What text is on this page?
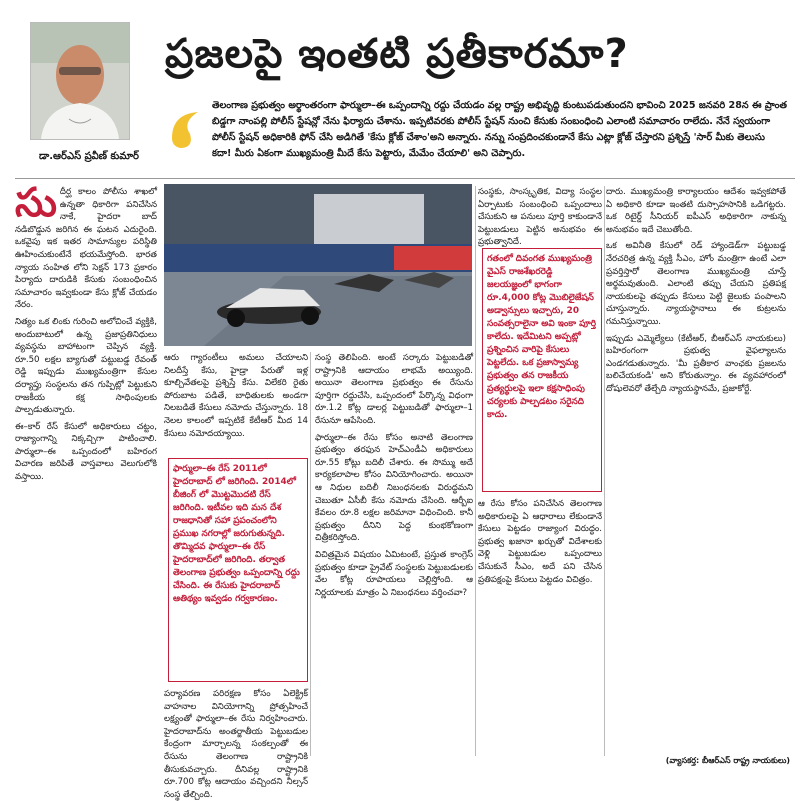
డా.ఆర్ఎస్ ప్రవీణ్ కుమార్
ప్రజలపై ఇంతటి ప్రతీకారమా?
తెలంగాణ ప్రభుత్వం అర్థాంతరంగా ఫార్ములా–ఈ ఒప్పందాన్ని రద్దు చేయడం వల్ల రాష్ట్ర అభివృద్ధి కుంటుపడుతుందని భావించి 2025 జనవరి 28న ఈ ప్రాంత బిడ్డగా నాంపల్లి పోలీస్ స్టేషన్లో నేను ఫిర్యాదు చేశాను. ఇప్పటివరకు పోలీస్ స్టేషన్ నుంచి కేసుకు సంబంధించి ఎలాంటి సమాచారం రాలేదు. నేనే స్వయంగా పోలీస్ స్టేషన్ అధికారికి ఫోన్ చేసి అడిగితే 'కేసు క్లోజ్ చేశాం'అని అన్నారు. నన్ను సంప్రదించకుండానే కేసు ఎట్లా క్లోజ్ చేస్తారని ప్రశ్నిస్తే 'సార్ మీకు తెలుసు కదా! మీరు ఏకంగా ముఖ్యమంత్రి మీదే కేసు పెట్టారు, మేమేం చేయాలి' అని చెప్పారు.

సుదీర్ఘ కాలం పోలీసు శాఖలో ఉన్నతా ధికారిగా పనిచేసిన నాకే, హైదరా బాద్ నడిబొడ్డున జరిగిన ఈ ఘటన ఎదురైంది. ఒకవైపు ఇక ఇతర సామాన్యుల పరిస్థితి ఊహించుకుంటేనే భయమేస్తోంది. భారత న్యాయ సంహిత లోని సెక్షన్ 173 ప్రకారం పిర్యాదు దారుడికి కేసుకు సంబంధించిన సమాచారం ఇవ్వకుండా కేసు క్లోజ్ చేయడం నేరం.

నిత్యం ఒక లింకు గురించి అలోచించే వ్యక్తికి, అందుబాటులో ఉన్న ప్రజాప్రతినిధులు వ్యవస్థను బాహాటంగా చెప్పిన వ్యక్తి. రూ.50 లక్షల బ్యాగుతో పట్టుబడ్డ రేవంత్ రెడ్డి ఇప్పుడు ముఖ్యమంత్రిగా కేసుల దర్యాప్తు సంస్థలను తన గుప్పిట్లో పెట్టుకుని రాజకీయ కక్ష సాధింపులకు పాల్పడుతున్నారు.

ఈ–కార్ రేస్ కేసులో అధికారులు చట్టం, రాజ్యాంగాన్ని నిక్కచ్చిగా పాటించాలి. పార్ములా–ఈ ఒప్పందంలో బహిరంగ విచారణ జరిపితే వాస్తవాలు వెలుగులోకి వస్తాయి.

ఆరు గ్యారంటీలు అమలు చేయాలని నిలదీస్తే కేసు, హైడ్రా పేరుతో ఇళ్ల కూల్చివేతలపై ప్రశ్నిస్తే కేసు. విలేకరి రైతు పోరుబాట పడితే, బాధితులకు అండగా నిలబడితే కేసులు నమోదు చేస్తున్నారు. 18 నెలల కాలంలో ఇప్పటికే కేటీఆర్ మీద 14 కేసులు నమోదయ్యాయి.

ఫార్ములా–ఈ రేస్ 2011లో హైదరాబాద్ లో జరిగింది. 2014లో బీజింగ్ లో మొట్టమొదటి రేస్ జరిగింది. ఇటీవల ఇది మన దేశ రాజధానితో సహా ప్రపంచంలోని ప్రముఖ నగరాల్లో జరుగుతున్నది. తొమ్మిదవ ఫార్ములా–ఈ రేస్ హైదరాబాద్‌లో జరిగింది. తర్వాత తెలంగాణ ప్రభుత్వం ఒప్పందాన్ని రద్దు చేసింది. ఈ రేసుకు హైదరాబాద్ ఆతిథ్యం ఇవ్వడం గర్వకారణం.

పర్యావరణ పరిరక్షణ కోసం ఏలెక్ట్రిక్ వాహనాల వినియోగాన్ని ప్రోత్సహించే లక్ష్యంతో ఫార్ములా–ఈ రేసు నిర్వహించారు. హైదరాబాద్‌ను అంతర్జాతీయ పెట్టుబడుల కేంద్రంగా మార్చాలన్న సంకల్పంతో ఈ రేసును తెలంగాణ రాష్ట్రానికి తీసుకువచ్చారు. దీనివల్ల రాష్ట్రానికి రూ.700 కోట్ల ఆదాయం వచ్చిందని నీల్సన్ సంస్థ తేల్చింది.

సంస్థ తెలిపింది. అంటే సర్కారు పెట్టుబడితో రాష్ట్రానికి ఆదాయం లాభమే అయ్యింది. అయినా తెలంగాణ ప్రభుత్వం ఈ రేసును పూర్తిగా రద్దుచేసి, ఒప్పందంలో పేర్కొన్న విధంగా రూ.1.2 కోట్ల డాలర్ల పెట్టుబడితో ఫార్ములా–1 రేసునూ ఆపేసింది.

ఫార్ములా–ఈ రేసు కోసం అనాటి తెలంగాణ ప్రభుత్వం తరఫున హెచ్ఎండీఏ అధికారులు రూ.55 కోట్లు బదిలీ చేశారు. ఈ సొమ్ము అదే కార్యకలాపాల కోసం వినియోగించారు. అయినా ఆ నిధుల బదిలీ నిబంధనలకు విరుద్ధమని చెబుతూ ఏసీబీ కేసు నమోదు చేసింది. ఆర్బీఐ కేవలం రూ.8 లక్షల జరిమానా విధించింది. కానీ ప్రభుత్వం దీనిని పెద్ద కుంభకోణంగా చిత్రీకరిస్తోంది.

విచిత్రమైన విషయం ఏమిటంటే, ప్రస్తుత కాంగ్రెస్ ప్రభుత్వం కూడా ప్రైవేట్ సంస్థలకు పెట్టుబడులకు వేల కోట్ల రూపాయలు చెల్లిస్తోంది. ఆ నిర్ణయాలకు మాత్రం ఏ నిబంధనలు వర్తించవా?

సంస్థకు, సాంస్కృతిక, విద్యా సంస్థల ఏర్పాటుకు సంబంధించి ఒప్పందాలు చేసుకుని ఆ పనులు పూర్తి కాకుండానే పెట్టుబడులు పెట్టిన అనుభవం ఈ ప్రభుత్వానిదే.

గతంలో దివంగత ముఖ్యమంత్రి వైఎస్ రాజశేఖరరెడ్డి జలయజ్ఞంలో భాగంగా రూ.4,000 కోట్ల మొబిలైజేషన్ అడ్వాన్సులు ఇచ్చారు, 20 సంవత్సరాలైనా అవి ఇంకా పూర్తి కాలేదు. ఇదేమిటని అప్పట్లో ప్రశ్నించిన వారిపై కేసులు పెట్టలేదు. ఒక ప్రజాస్వామ్య ప్రభుత్వం తన రాజకీయ ప్రత్యర్థులపై ఇలా కక్షసాధింపు చర్యలకు పాల్పడటం సరైనది కాదు.

ఆ రేసు కోసం పనిచేసిన తెలంగాణ అధికారులపై ఏ ఆధారాలు లేకుండానే కేసులు పెట్టడం రాజ్యాంగ విరుద్ధం. ప్రభుత్వ ఖజానా ఖర్చుతో విదేశాలకు వెళ్లి పెట్టుబడుల ఒప్పందాలు చేసుకునే సీఎం, అదే పని చేసిన ప్రతిపక్షంపై కేసులు పెట్టడం విచిత్రం.

దారు. ముఖ్యమంత్రి కార్యాలయం ఆదేశం ఇవ్వకపోతే ఏ అధికారి కూడా ఇంతటి దుస్సాహసానికి ఒడిగట్టరు. ఒక రిటైర్డ్ సీనియర్ ఐపీఎస్ అధికారిగా నాకున్న అనుభవం ఇదే చెబుతోంది.

ఒక అవినీతి కేసులో రెడ్ హ్యాండెడ్‌గా పట్టుబడ్డ నేరచరిత్ర ఉన్న వ్యక్తి సీఎం, హోం మంత్రిగా ఉంటే ఎలా ప్రవర్తిస్తారో తెలంగాణ ముఖ్యమంత్రి చూస్తే అర్థమవుతుంది. ఎలాంటి తప్పు చేయని ప్రతిపక్ష నాయకులపై తప్పుడు కేసులు పెట్టి జైలుకు పంపాలని చూస్తున్నారు. న్యాయస్థానాలు ఈ కుట్రలను గమనిస్తున్నాయి.

ఇప్పుడు ఎమ్మెల్యేలు (కేటీఆర్, బీఆర్ఎస్ నాయకులు) బహిరంగంగా ప్రభుత్వ వైఫల్యాలను ఎండగడుతున్నారు. 'మీ ప్రతీకార వాంఛకు ప్రజలను బలిచేయకండి' అని కోరుతున్నాం. ఈ వ్యవహారంలో దోషులెవరో తేల్చేది న్యాయస్థానమే, ప్రజాకోర్టే.

(వ్యాసకర్త: బీఆర్ఎస్ రాష్ట్ర నాయకులు)
